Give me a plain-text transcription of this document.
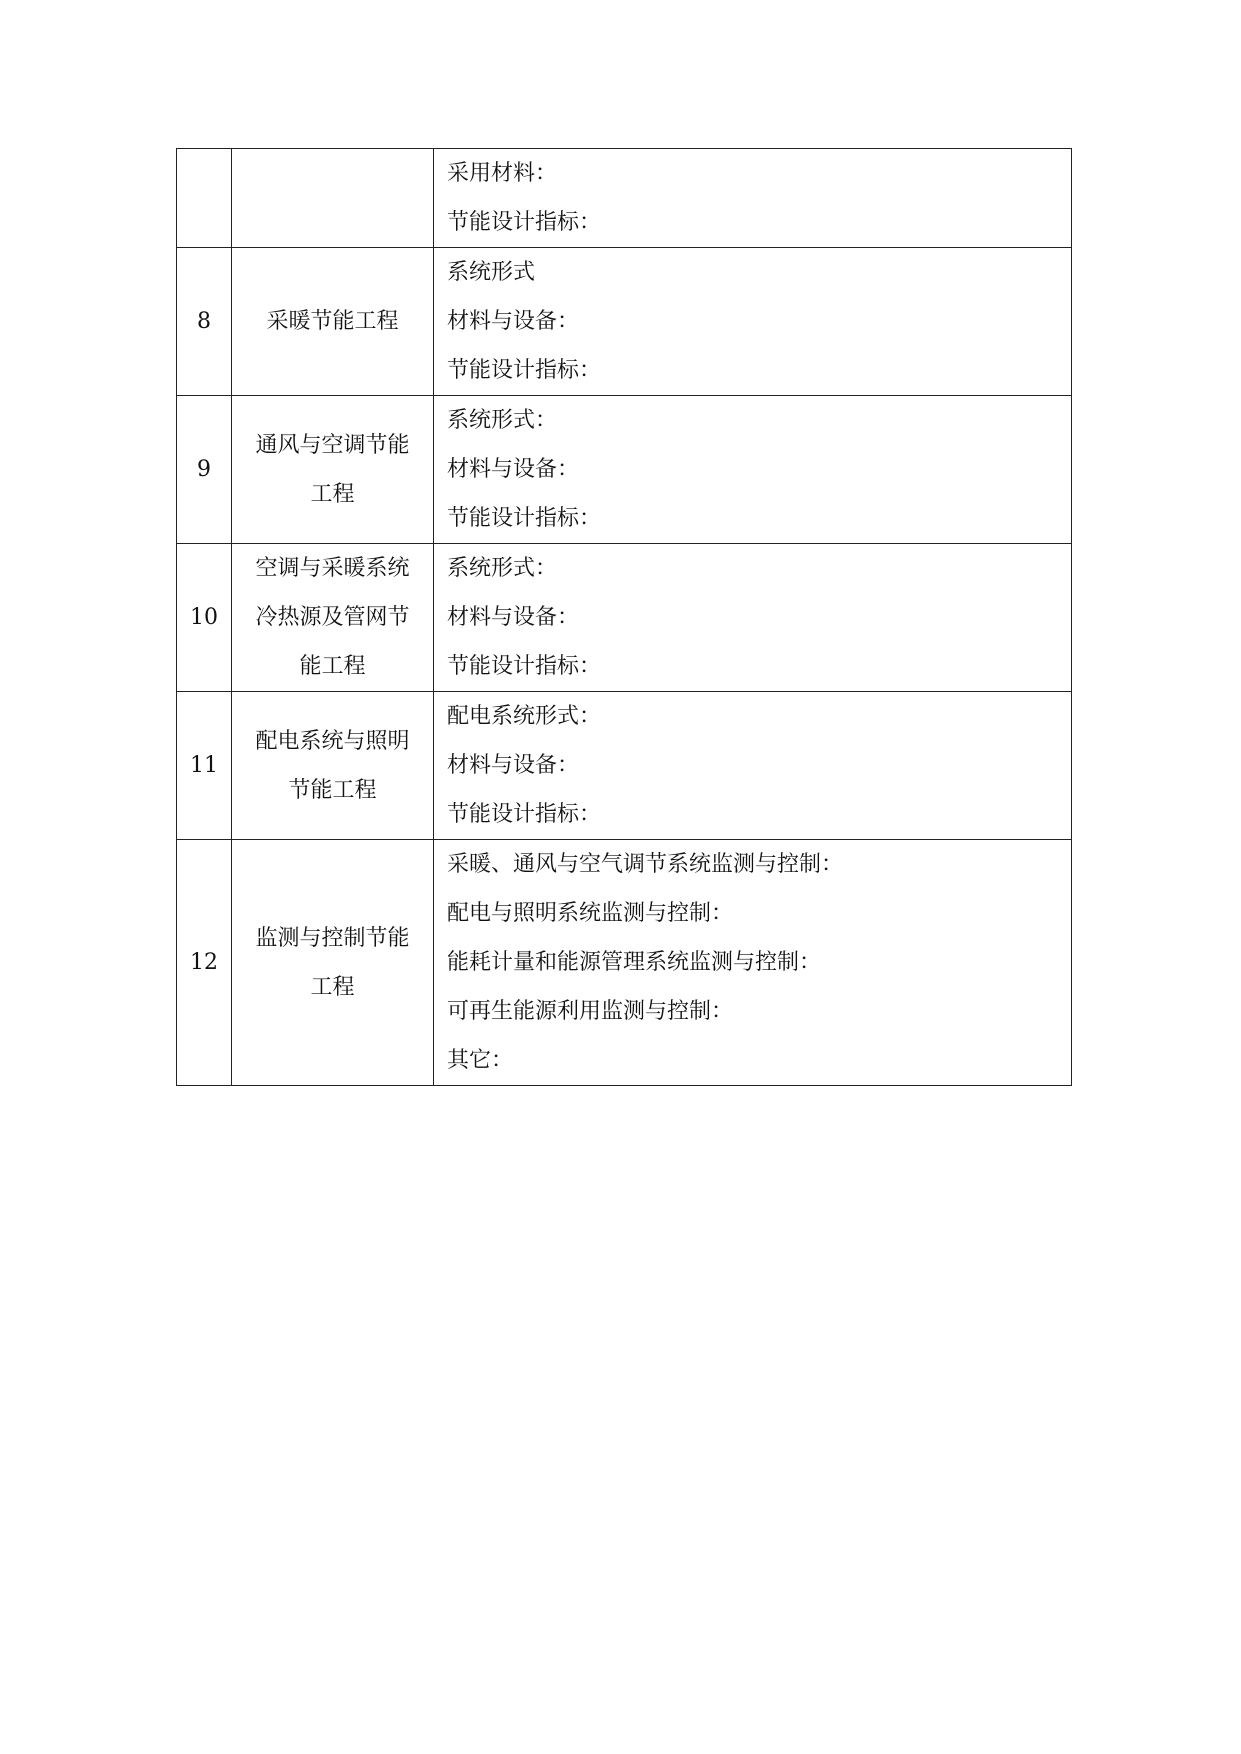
		采用材料：
节能设计指标：

8	采暖节能工程	系统形式
材料与设备：
节能设计指标：

9	通风与空调节能
工程	系统形式：
材料与设备：
节能设计指标：

10	空调与采暖系统
冷热源及管网节
能工程	系统形式：
材料与设备：
节能设计指标：

11	配电系统与照明
节能工程	配电系统形式：
材料与设备：
节能设计指标：

12	监测与控制节能
工程	采暖、通风与空气调节系统监测与控制：
配电与照明系统监测与控制：
能耗计量和能源管理系统监测与控制：
可再生能源利用监测与控制：
其它：
